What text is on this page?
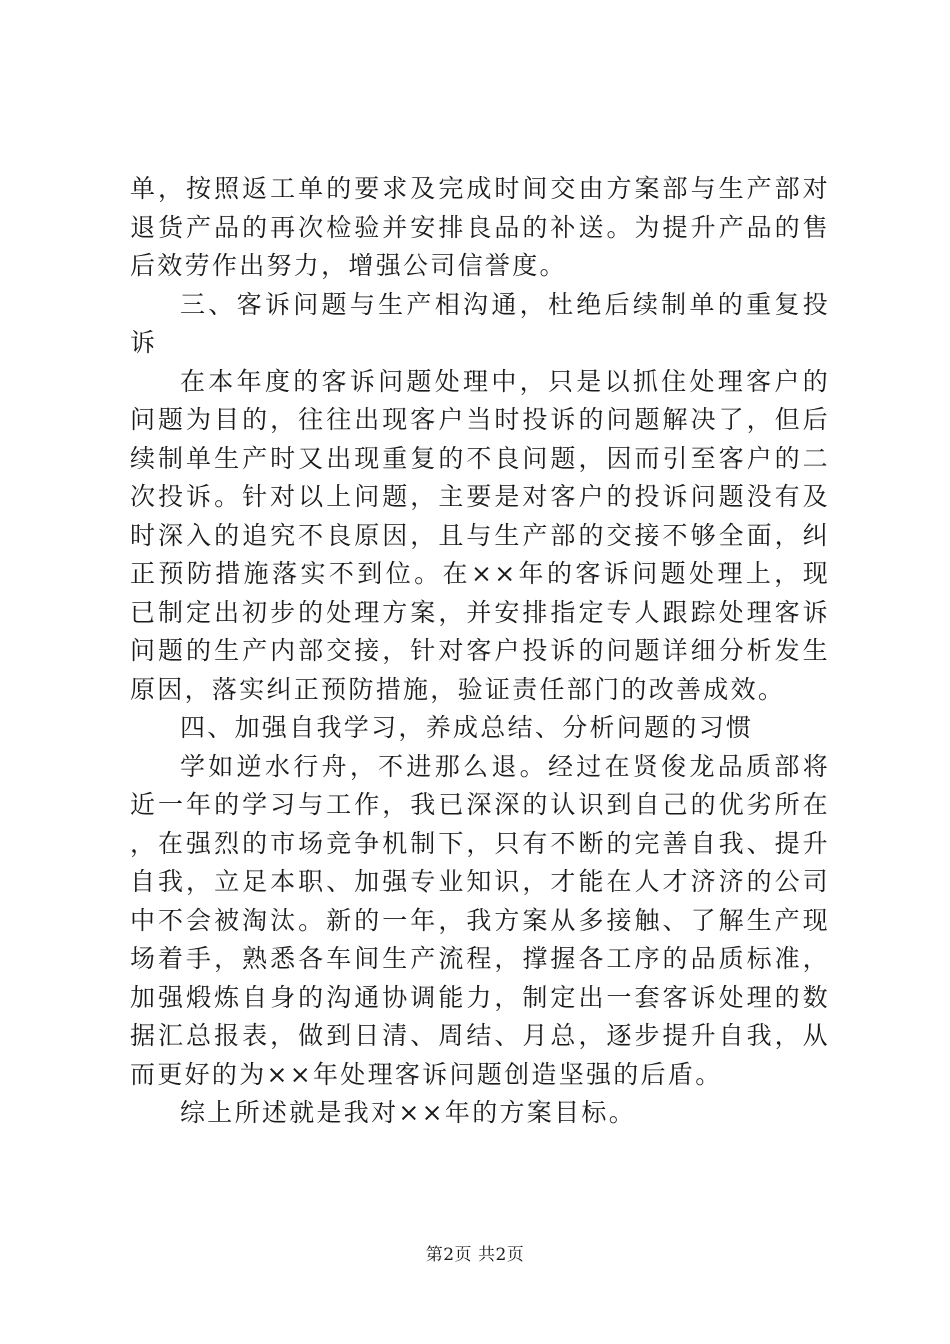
单，按照返工单的要求及完成时间交由方案部与生产部对退货产品的再次检验并安排良品的补送。为提升产品的售后效劳作出努力，增强公司信誉度。

三、客诉问题与生产相沟通，杜绝后续制单的重复投诉

在本年度的客诉问题处理中，只是以抓住处理客户的问题为目的，往往出现客户当时投诉的问题解决了，但后续制单生产时又出现重复的不良问题，因而引至客户的二次投诉。针对以上问题，主要是对客户的投诉问题没有及时深入的追究不良原因，且与生产部的交接不够全面，纠正预防措施落实不到位。在××年的客诉问题处理上，现已制定出初步的处理方案，并安排指定专人跟踪处理客诉问题的生产内部交接，针对客户投诉的问题详细分析发生原因，落实纠正预防措施，验证责任部门的改善成效。

四、加强自我学习，养成总结、分析问题的习惯

学如逆水行舟，不进那么退。经过在贤俊龙品质部将近一年的学习与工作，我已深深的认识到自己的优劣所在，在强烈的市场竞争机制下，只有不断的完善自我、提升自我，立足本职、加强专业知识，才能在人才济济的公司中不会被淘汰。新的一年，我方案从多接触、了解生产现场着手，熟悉各车间生产流程，撑握各工序的品质标准，加强煅炼自身的沟通协调能力，制定出一套客诉处理的数据汇总报表，做到日清、周结、月总，逐步提升自我，从而更好的为××年处理客诉问题创造坚强的后盾。

综上所述就是我对××年的方案目标。

第2页 共2页
